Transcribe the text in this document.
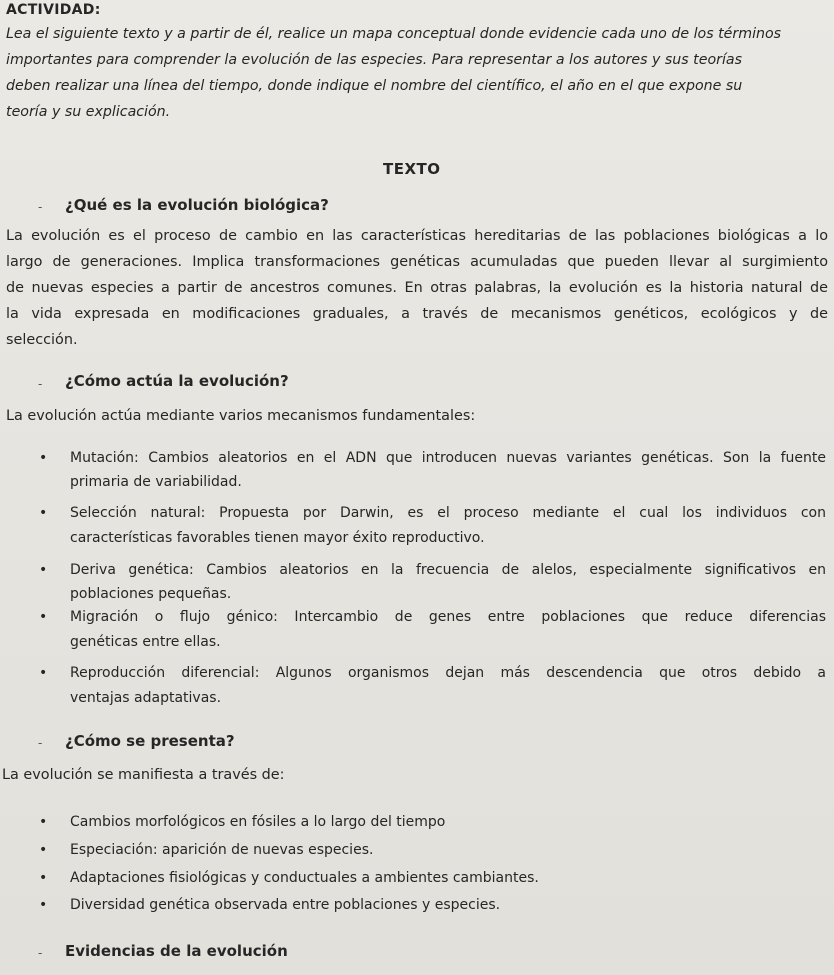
ACTIVIDAD:
Lea el siguiente texto y a partir de él, realice un mapa conceptual donde evidencie cada uno de los términos
importantes para comprender la evolución de las especies. Para representar a los autores y sus teorías
deben realizar una línea del tiempo, donde indique el nombre del científico, el año en el que expone su
teoría y su explicación.
TEXTO
- ¿Qué es la evolución biológica?
La evolución es el proceso de cambio en las características hereditarias de las poblaciones biológicas a lo
largo de generaciones. Implica transformaciones genéticas acumuladas que pueden llevar al surgimiento
de nuevas especies a partir de ancestros comunes. En otras palabras, la evolución es la historia natural de
la vida expresada en modificaciones graduales, a través de mecanismos genéticos, ecológicos y de
selección.
- ¿Cómo actúa la evolución?
La evolución actúa mediante varios mecanismos fundamentales:
• Mutación: Cambios aleatorios en el ADN que introducen nuevas variantes genéticas. Son la fuente
primaria de variabilidad.
• Selección natural: Propuesta por Darwin, es el proceso mediante el cual los individuos con
características favorables tienen mayor éxito reproductivo.
• Deriva genética: Cambios aleatorios en la frecuencia de alelos, especialmente significativos en
poblaciones pequeñas.
• Migración o flujo génico: Intercambio de genes entre poblaciones que reduce diferencias
genéticas entre ellas.
• Reproducción diferencial: Algunos organismos dejan más descendencia que otros debido a
ventajas adaptativas.
- ¿Cómo se presenta?
La evolución se manifiesta a través de:
• Cambios morfológicos en fósiles a lo largo del tiempo
• Especiación: aparición de nuevas especies.
• Adaptaciones fisiológicas y conductuales a ambientes cambiantes.
• Diversidad genética observada entre poblaciones y especies.
- Evidencias de la evolución
